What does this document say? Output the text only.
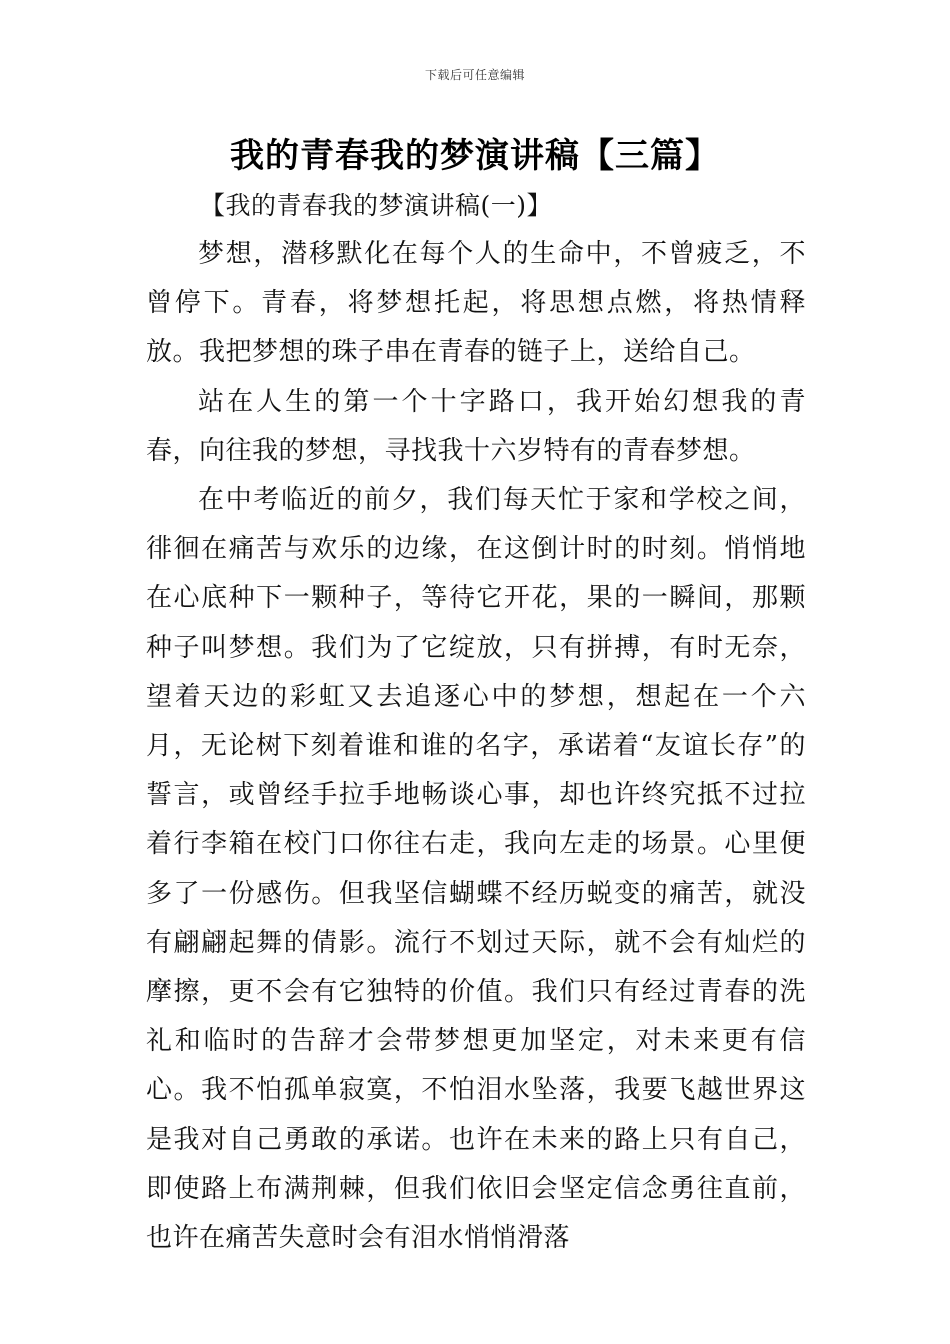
下载后可任意编辑
我的青春我的梦演讲稿【三篇】
【我的青春我的梦演讲稿(一)】

梦想，潜移默化在每个人的生命中，不曾疲乏，不曾停下。青春，将梦想托起，将思想点燃，将热情释放。我把梦想的珠子串在青春的链子上，送给自己。

站在人生的第一个十字路口，我开始幻想我的青春，向往我的梦想，寻找我十六岁特有的青春梦想。

在中考临近的前夕，我们每天忙于家和学校之间，徘徊在痛苦与欢乐的边缘，在这倒计时的时刻。悄悄地在心底种下一颗种子，等待它开花，果的一瞬间，那颗种子叫梦想。我们为了它绽放，只有拼搏，有时无奈，望着天边的彩虹又去追逐心中的梦想，想起在一个六月，无论树下刻着谁和谁的名字，承诺着“友谊长存”的誓言，或曾经手拉手地畅谈心事，却也许终究抵不过拉着行李箱在校门口你往右走，我向左走的场景。心里便多了一份感伤。但我坚信蝴蝶不经历蜕变的痛苦，就没有翩翩起舞的倩影。流行不划过天际，就不会有灿烂的摩擦，更不会有它独特的价值。我们只有经过青春的洗礼和临时的告辞才会带梦想更加坚定，对未来更有信心。我不怕孤单寂寞，不怕泪水坠落，我要飞越世界这是我对自己勇敢的承诺。也许在未来的路上只有自己，即使路上布满荆棘，但我们依旧会坚定信念勇往直前，也许在痛苦失意时会有泪水悄悄滑落
